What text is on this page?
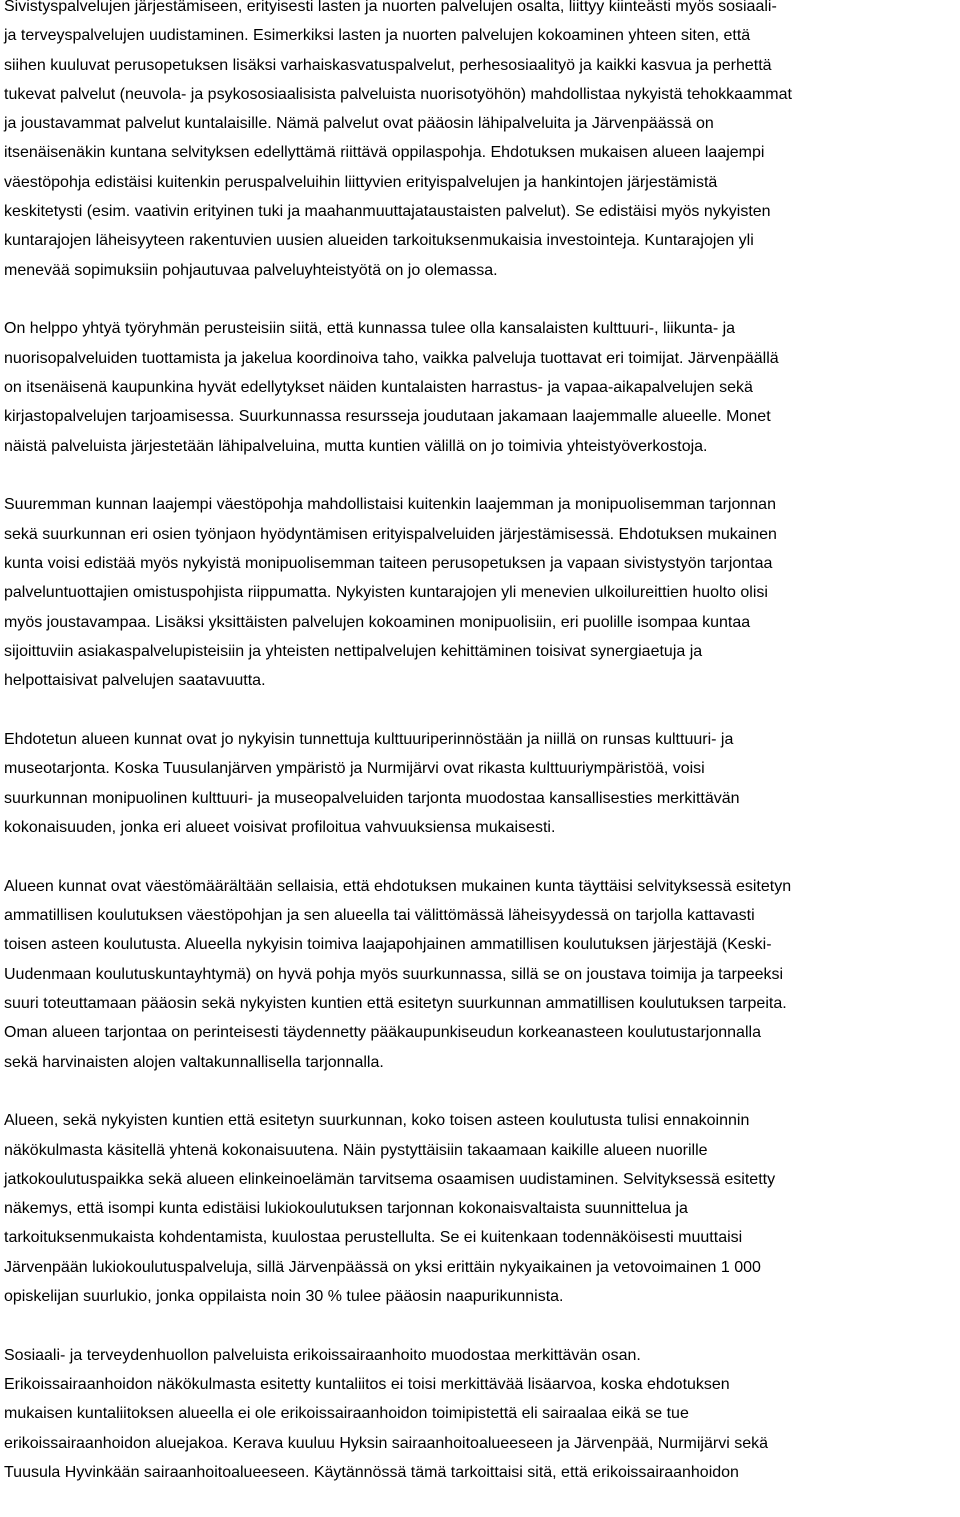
Sivistyspalvelujen järjestämiseen, erityisesti lasten ja nuorten palvelujen osalta, liittyy kiinteästi myös sosiaali-
ja terveyspalvelujen uudistaminen. Esimerkiksi lasten ja nuorten palvelujen kokoaminen yhteen siten, että
siihen kuuluvat perusopetuksen lisäksi varhaiskasvatuspalvelut, perhesosiaalityö ja kaikki kasvua ja perhettä
tukevat palvelut (neuvola- ja psykososiaalisista palveluista nuorisotyöhön) mahdollistaa nykyistä tehokkaammat
ja joustavammat palvelut kuntalaisille. Nämä palvelut ovat pääosin lähipalveluita ja Järvenpäässä on
itsenäisenäkin kuntana selvityksen edellyttämä riittävä oppilaspohja. Ehdotuksen mukaisen alueen laajempi
väestöpohja edistäisi kuitenkin peruspalveluihin liittyvien erityispalvelujen ja hankintojen järjestämistä
keskitetysti (esim. vaativin erityinen tuki ja maahanmuuttajataustaisten palvelut). Se edistäisi myös nykyisten
kuntarajojen läheisyyteen rakentuvien uusien alueiden tarkoituksenmukaisia investointeja. Kuntarajojen yli
menevää sopimuksiin pohjautuvaa palveluyhteistyötä on jo olemassa.
On helppo yhtyä työryhmän perusteisiin siitä, että kunnassa tulee olla kansalaisten kulttuuri-, liikunta- ja
nuorisopalveluiden tuottamista ja jakelua koordinoiva taho, vaikka palveluja tuottavat eri toimijat. Järvenpäällä
on itsenäisenä kaupunkina hyvät edellytykset näiden kuntalaisten harrastus- ja vapaa-aikapalvelujen sekä
kirjastopalvelujen tarjoamisessa. Suurkunnassa resursseja joudutaan jakamaan laajemmalle alueelle. Monet
näistä palveluista järjestetään lähipalveluina, mutta kuntien välillä on jo toimivia yhteistyöverkostoja.
Suuremman kunnan laajempi väestöpohja mahdollistaisi kuitenkin laajemman ja monipuolisemman tarjonnan
sekä suurkunnan eri osien työnjaon hyödyntämisen erityispalveluiden järjestämisessä. Ehdotuksen mukainen
kunta voisi edistää myös nykyistä monipuolisemman taiteen perusopetuksen ja vapaan sivistystyön tarjontaa
palveluntuottajien omistuspohjista riippumatta. Nykyisten kuntarajojen yli menevien ulkoilureittien huolto olisi
myös joustavampaa. Lisäksi yksittäisten palvelujen kokoaminen monipuolisiin, eri puolille isompaa kuntaa
sijoittuviin asiakaspalvelupisteisiin ja yhteisten nettipalvelujen kehittäminen toisivat synergiaetuja ja
helpottaisivat palvelujen saatavuutta.
Ehdotetun alueen kunnat ovat jo nykyisin tunnettuja kulttuuriperinnöstään ja niillä on runsas kulttuuri- ja
museotarjonta. Koska Tuusulanjärven ympäristö ja Nurmijärvi ovat rikasta kulttuuriympäristöä, voisi
suurkunnan monipuolinen kulttuuri- ja museopalveluiden tarjonta muodostaa kansallisesties merkittävän
kokonaisuuden, jonka eri alueet voisivat profiloitua vahvuuksiensa mukaisesti.
Alueen kunnat ovat väestömäärältään sellaisia, että ehdotuksen mukainen kunta täyttäisi selvityksessä esitetyn
ammatillisen koulutuksen väestöpohjan ja sen alueella tai välittömässä läheisyydessä on tarjolla kattavasti
toisen asteen koulutusta. Alueella nykyisin toimiva laajapohjainen ammatillisen koulutuksen järjestäjä (Keski-
Uudenmaan koulutuskuntayhtymä) on hyvä pohja myös suurkunnassa, sillä se on joustava toimija ja tarpeeksi
suuri toteuttamaan pääosin sekä nykyisten kuntien että esitetyn suurkunnan ammatillisen koulutuksen tarpeita.
Oman alueen tarjontaa on perinteisesti täydennetty pääkaupunkiseudun korkeanasteen koulutustarjonnalla
sekä harvinaisten alojen valtakunnallisella tarjonnalla.
Alueen, sekä nykyisten kuntien että esitetyn suurkunnan, koko toisen asteen koulutusta tulisi ennakoinnin
näkökulmasta käsitellä yhtenä kokonaisuutena. Näin pystyttäisiin takaamaan kaikille alueen nuorille
jatkokoulutuspaikka sekä alueen elinkeinoelämän tarvitsema osaamisen uudistaminen. Selvityksessä esitetty
näkemys, että isompi kunta edistäisi lukiokoulutuksen tarjonnan kokonaisvaltaista suunnittelua ja
tarkoituksenmukaista kohdentamista, kuulostaa perustellulta. Se ei kuitenkaan todennäköisesti muuttaisi
Järvenpään lukiokoulutuspalveluja, sillä Järvenpäässä on yksi erittäin nykyaikainen ja vetovoimainen 1 000
opiskelijan suurlukio, jonka oppilaista noin 30 % tulee pääosin naapurikunnista.
Sosiaali- ja terveydenhuollon palveluista erikoissairaanhoito muodostaa merkittävän osan.
Erikoissairaanhoidon näkökulmasta esitetty kuntaliitos ei toisi merkittävää lisäarvoa, koska ehdotuksen
mukaisen kuntaliitoksen alueella ei ole erikoissairaanhoidon toimipistettä eli sairaalaa eikä se tue
erikoissairaanhoidon aluejakoa. Kerava kuuluu Hyksin sairaanhoitoalueeseen ja Järvenpää, Nurmijärvi sekä
Tuusula Hyvinkään sairaanhoitoalueeseen. Käytännössä tämä tarkoittaisi sitä, että erikoissairaanhoidon
